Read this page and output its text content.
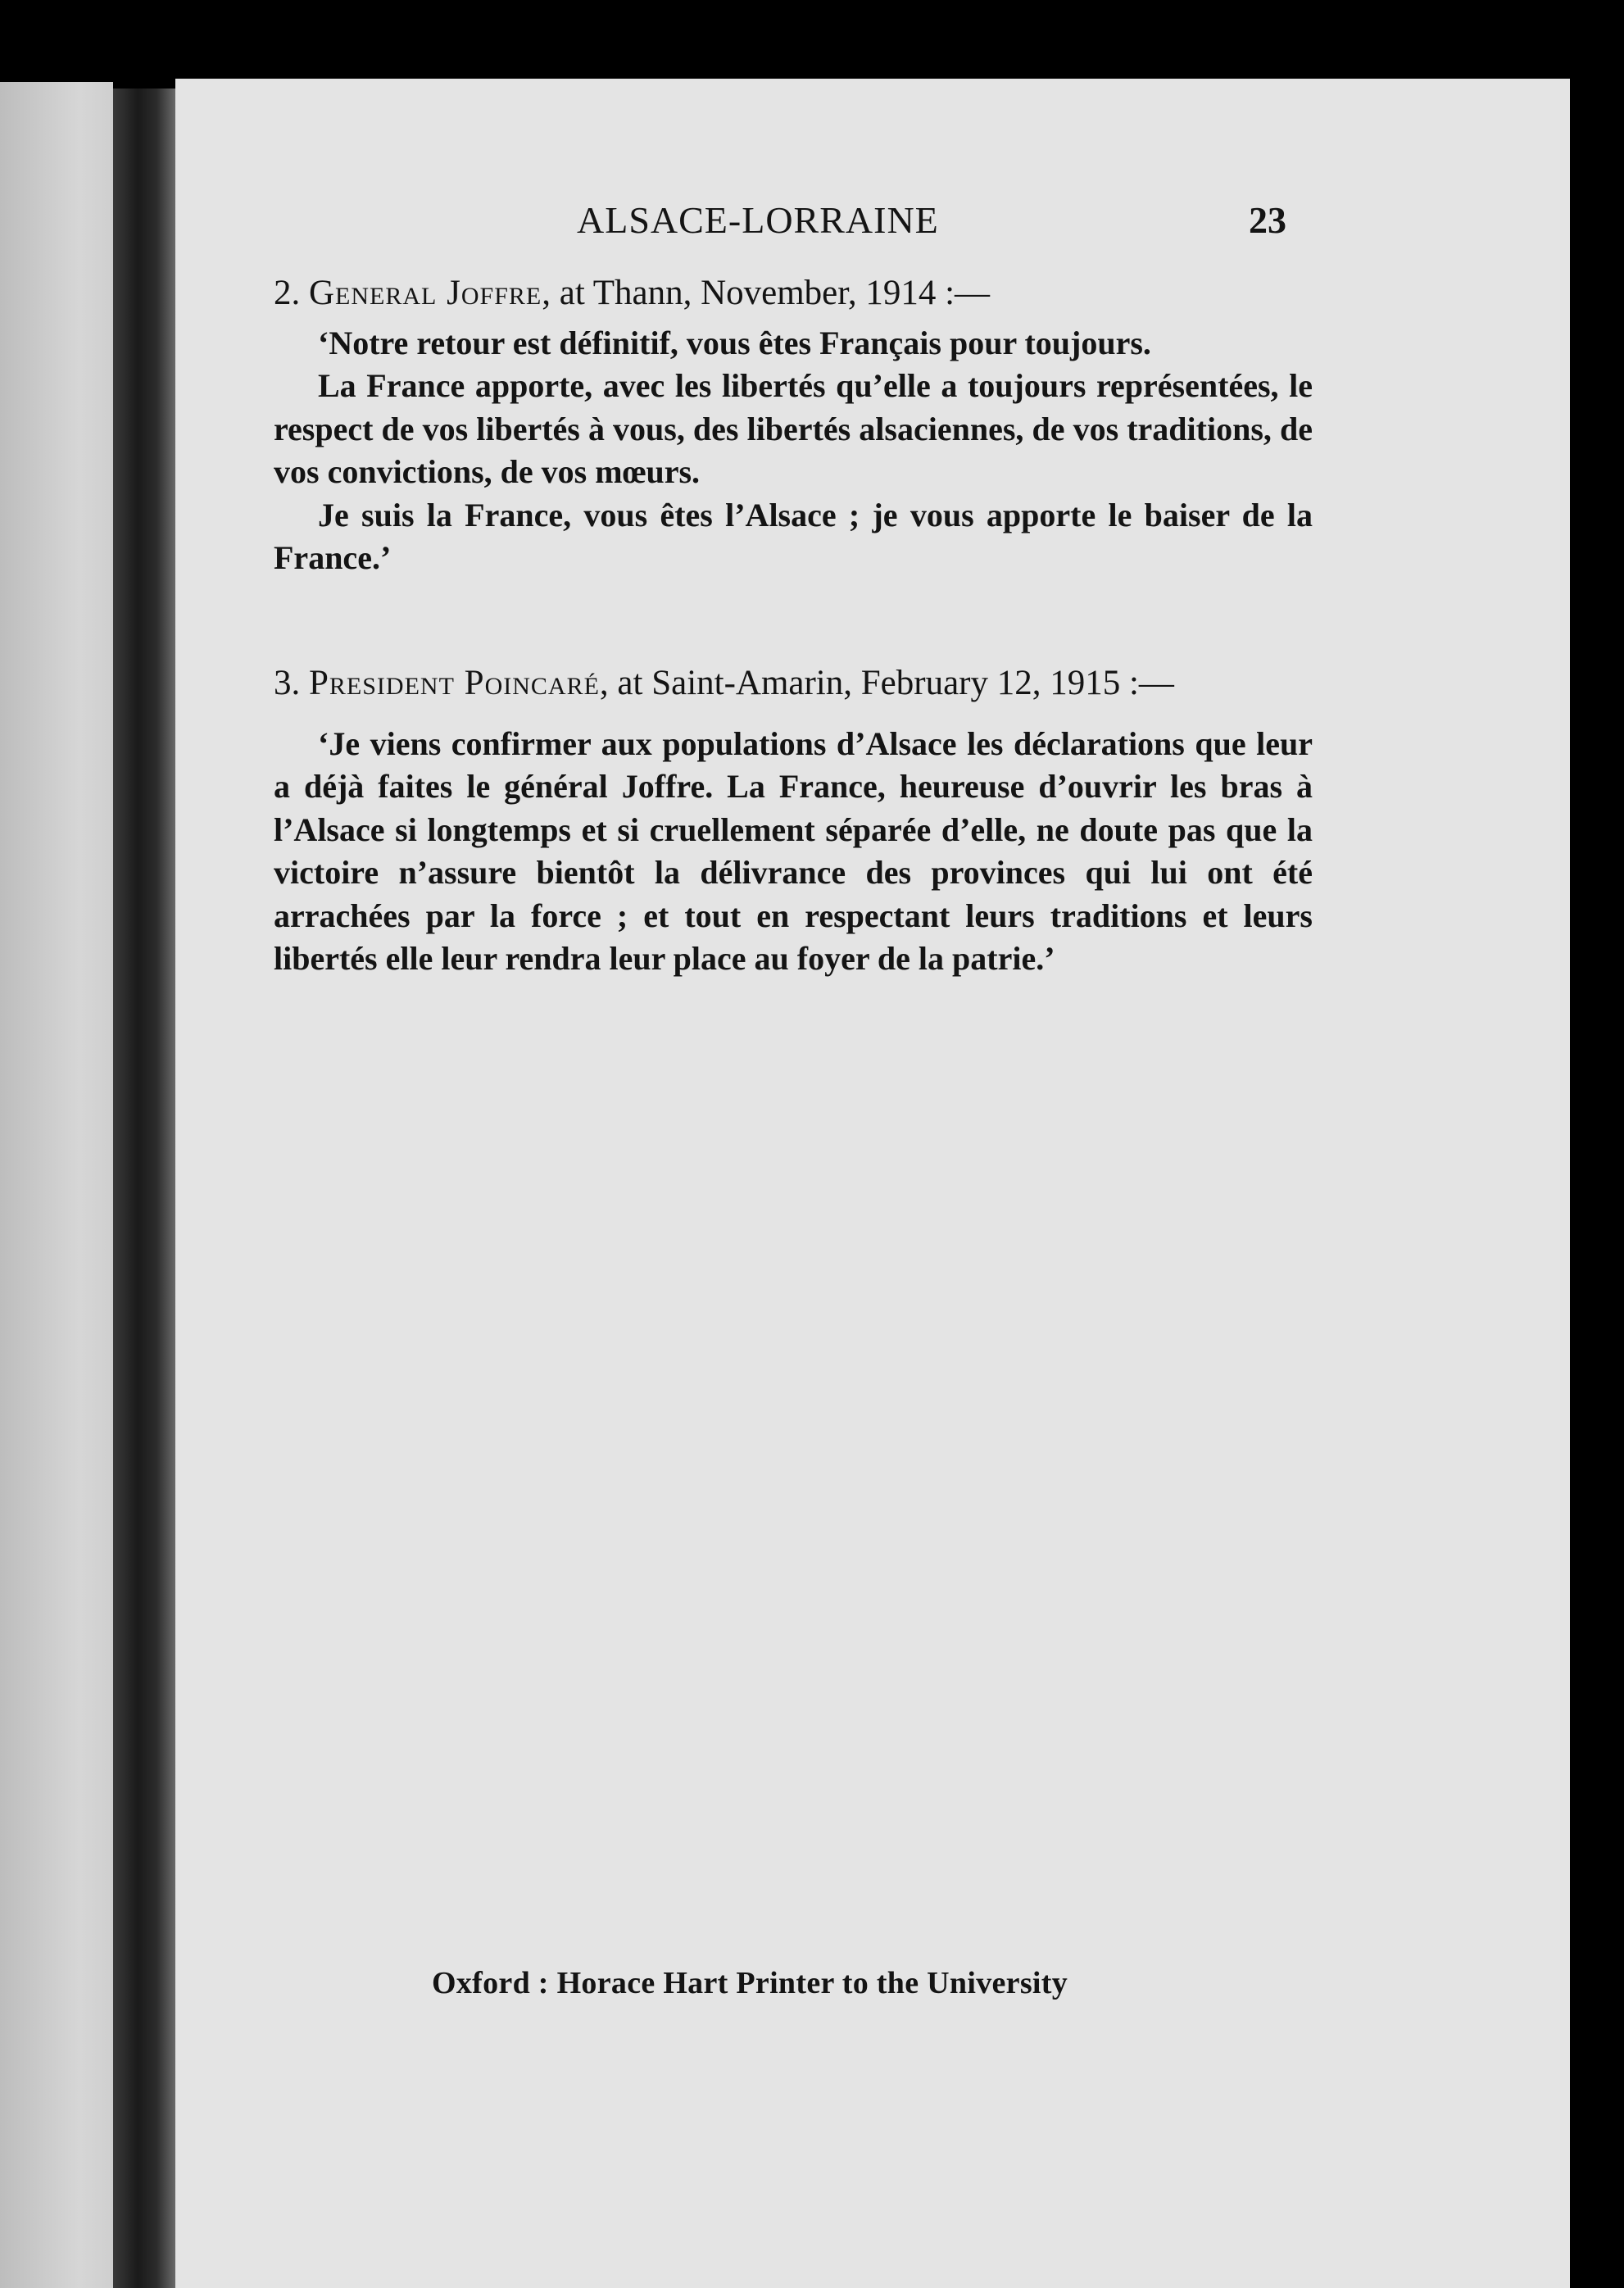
ALSACE-LORRAINE	23

2. General Joffre, at Thann, November, 1914 :—

‘Notre retour est définitif, vous êtes Français pour toujours.

La France apporte, avec les libertés qu’elle a toujours représentées, le respect de vos libertés à vous, des libertés alsaciennes, de vos traditions, de vos convictions, de vos mœurs.

Je suis la France, vous êtes l’Alsace ; je vous apporte le baiser de la France.’

3. President Poincaré, at Saint-Amarin, February 12, 1915 :—

‘Je viens confirmer aux populations d’Alsace les déclarations que leur a déjà faites le général Joffre. La France, heureuse d’ouvrir les bras à l’Alsace si longtemps et si cruellement séparée d’elle, ne doute pas que la victoire n’assure bientôt la délivrance des provinces qui lui ont été arrachées par la force ; et tout en respectant leurs traditions et leurs libertés elle leur rendra leur place au foyer de la patrie.’

Oxford : Horace Hart Printer to the University
